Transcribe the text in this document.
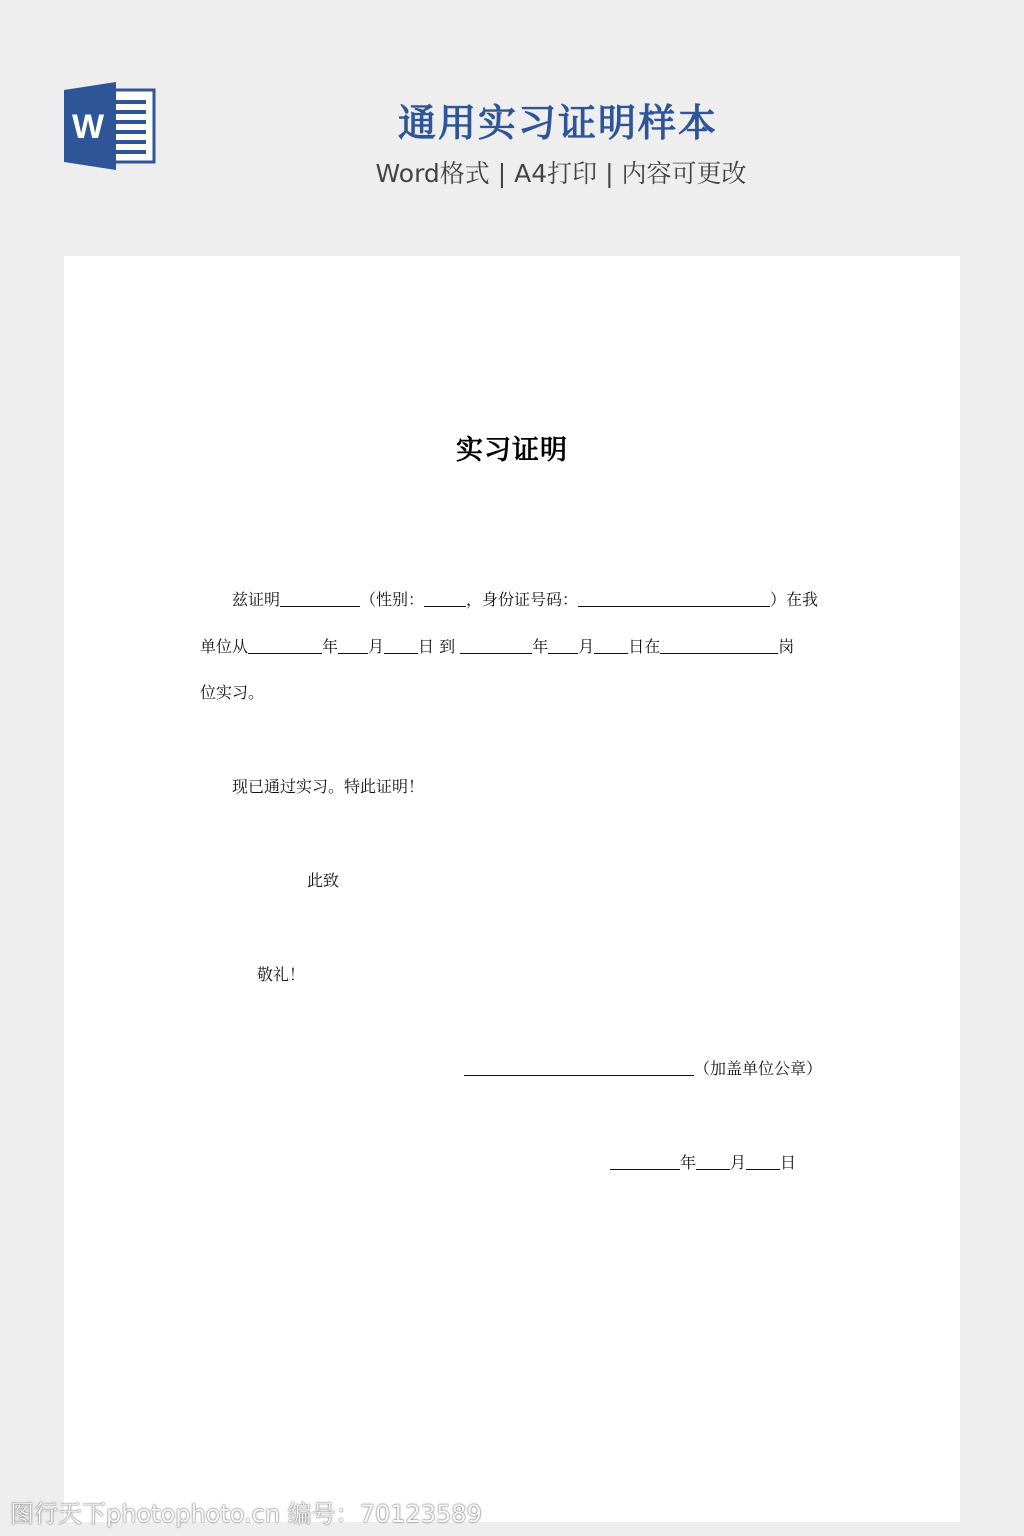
W	通用实习证明样本
Word格式 | A4打印 | 内容可更改
实习证明
兹证明	（性别：	，身份证号码：	）在我
单位从	年 月 日 到	年 月 日在	岗
位实习。
现已通过实习。特此证明！
此致
敬礼！
（加盖单位公章）
年 月 日
图行天下photophoto.cn 编号：70123589
